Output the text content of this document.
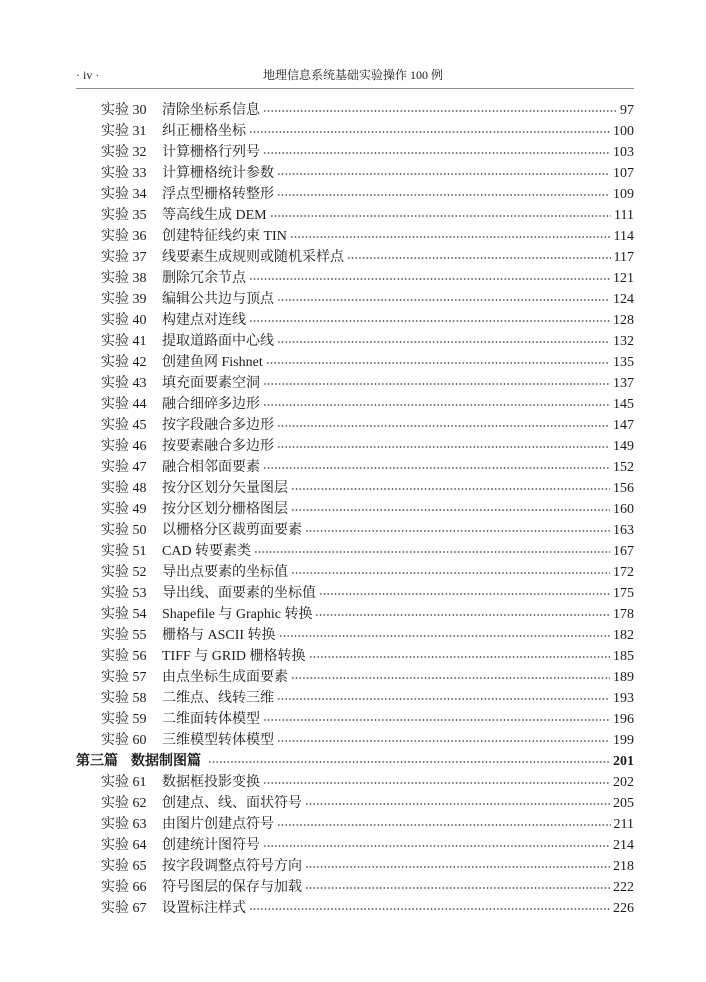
· iv ·	地理信息系统基础实验操作 100 例
实验 30	清除坐标系信息	97
实验 31	纠正栅格坐标	100
实验 32	计算栅格行列号	103
实验 33	计算栅格统计参数	107
实验 34	浮点型栅格转整形	109
实验 35	等高线生成 DEM	111
实验 36	创建特征线约束 TIN	114
实验 37	线要素生成规则或随机采样点	117
实验 38	删除冗余节点	121
实验 39	编辑公共边与顶点	124
实验 40	构建点对连线	128
实验 41	提取道路面中心线	132
实验 42	创建鱼网 Fishnet	135
实验 43	填充面要素空洞	137
实验 44	融合细碎多边形	145
实验 45	按字段融合多边形	147
实验 46	按要素融合多边形	149
实验 47	融合相邻面要素	152
实验 48	按分区划分矢量图层	156
实验 49	按分区划分栅格图层	160
实验 50	以栅格分区裁剪面要素	163
实验 51	CAD 转要素类	167
实验 52	导出点要素的坐标值	172
实验 53	导出线、面要素的坐标值	175
实验 54	Shapefile 与 Graphic 转换	178
实验 55	栅格与 ASCII 转换	182
实验 56	TIFF 与 GRID 栅格转换	185
实验 57	由点坐标生成面要素	189
实验 58	二维点、线转三维	193
实验 59	二维面转体模型	196
实验 60	三维模型转体模型	199
第三篇 数据制图篇	201
实验 61	数据框投影变换	202
实验 62	创建点、线、面状符号	205
实验 63	由图片创建点符号	211
实验 64	创建统计图符号	214
实验 65	按字段调整点符号方向	218
实验 66	符号图层的保存与加载	222
实验 67	设置标注样式	226
